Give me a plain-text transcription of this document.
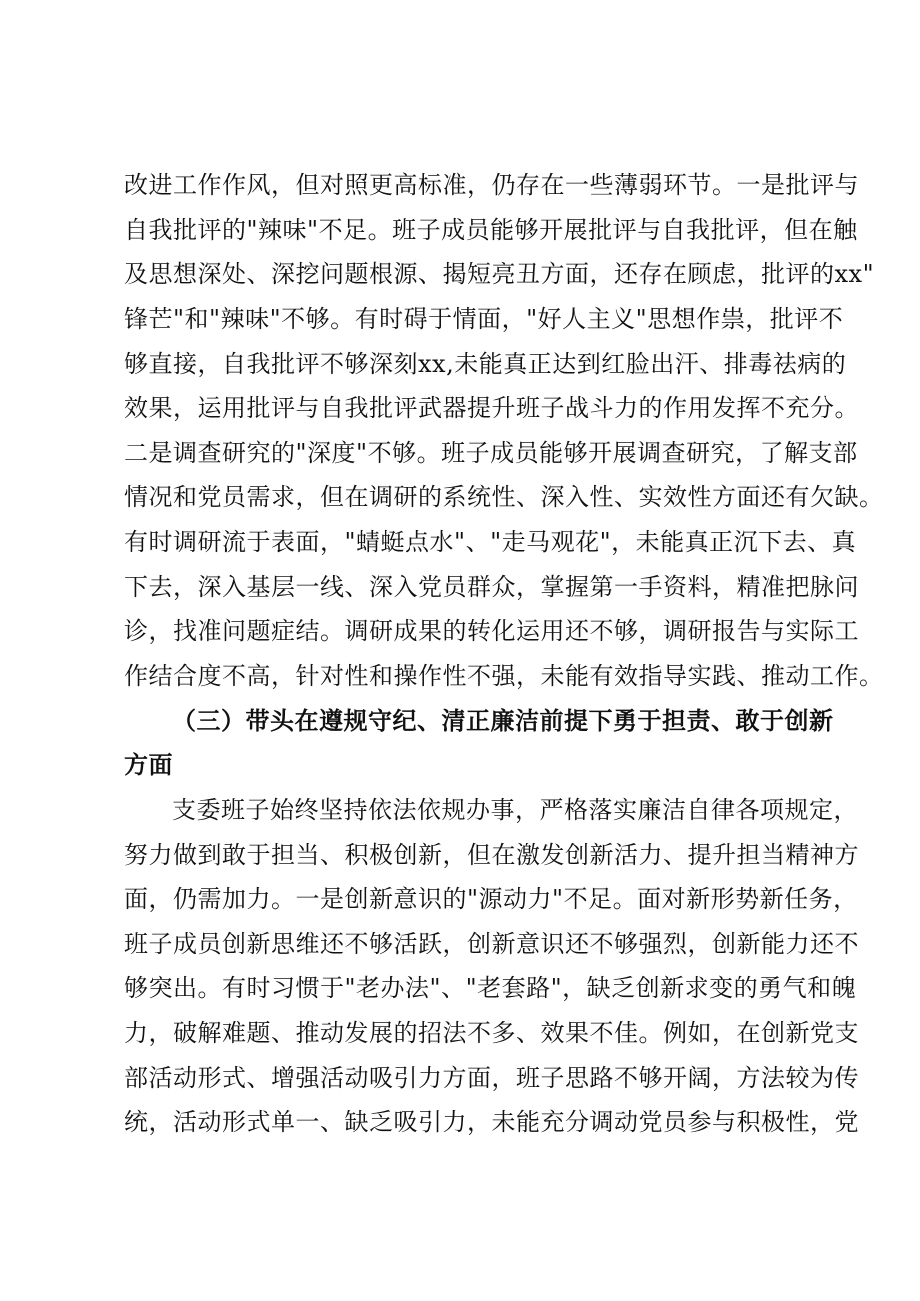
改进工作作风，但对照更高标准，仍存在一些薄弱环节。一是批评与
自我批评的"辣味"不足。班子成员能够开展批评与自我批评，但在触
及思想深处、深挖问题根源、揭短亮丑方面，还存在顾虑，批评的xx"
锋芒"和"辣味"不够。有时碍于情面，"好人主义"思想作祟，批评不
够直接，自我批评不够深刻xx,未能真正达到红脸出汗、排毒祛病的
效果，运用批评与自我批评武器提升班子战斗力的作用发挥不充分。
二是调查研究的"深度"不够。班子成员能够开展调查研究，了解支部
情况和党员需求，但在调研的系统性、深入性、实效性方面还有欠缺。
有时调研流于表面，"蜻蜓点水"、"走马观花"，未能真正沉下去、真
下去，深入基层一线、深入党员群众，掌握第一手资料，精准把脉问
诊，找准问题症结。调研成果的转化运用还不够，调研报告与实际工
作结合度不高，针对性和操作性不强，未能有效指导实践、推动工作。
（三）带头在遵规守纪、清正廉洁前提下勇于担责、敢于创新
方面
支委班子始终坚持依法依规办事，严格落实廉洁自律各项规定，
努力做到敢于担当、积极创新，但在激发创新活力、提升担当精神方
面，仍需加力。一是创新意识的"源动力"不足。面对新形势新任务，
班子成员创新思维还不够活跃，创新意识还不够强烈，创新能力还不
够突出。有时习惯于"老办法"、"老套路"，缺乏创新求变的勇气和魄
力，破解难题、推动发展的招法不多、效果不佳。例如，在创新党支
部活动形式、增强活动吸引力方面，班子思路不够开阔，方法较为传
统，活动形式单一、缺乏吸引力，未能充分调动党员参与积极性，党
